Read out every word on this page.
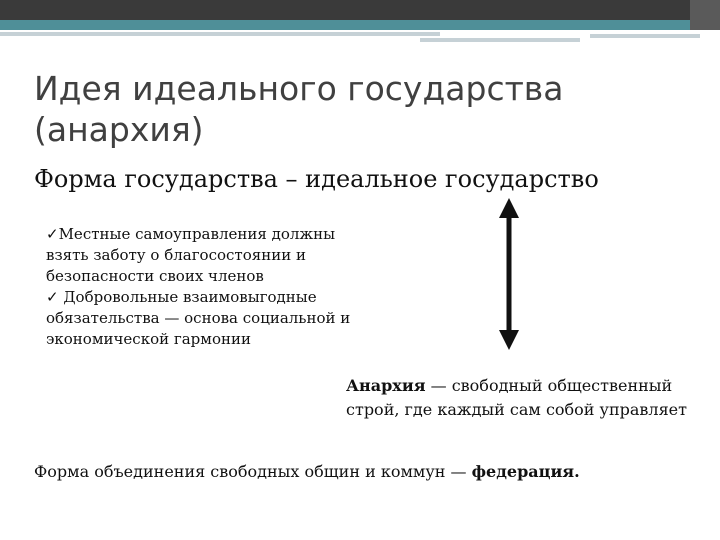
Идея идеального государства
(анархия)
Форма государства – идеальное государство
✓Местные самоуправления должны
взять заботу о благосостоянии и
безопасности своих членов
✓ Добровольные взаимовыгодные
обязательства — основа социальной и
экономической гармонии
Анархия — свободный общественный
строй, где каждый сам собой управляет
Форма объединения свободных общин и коммун — федерация.
